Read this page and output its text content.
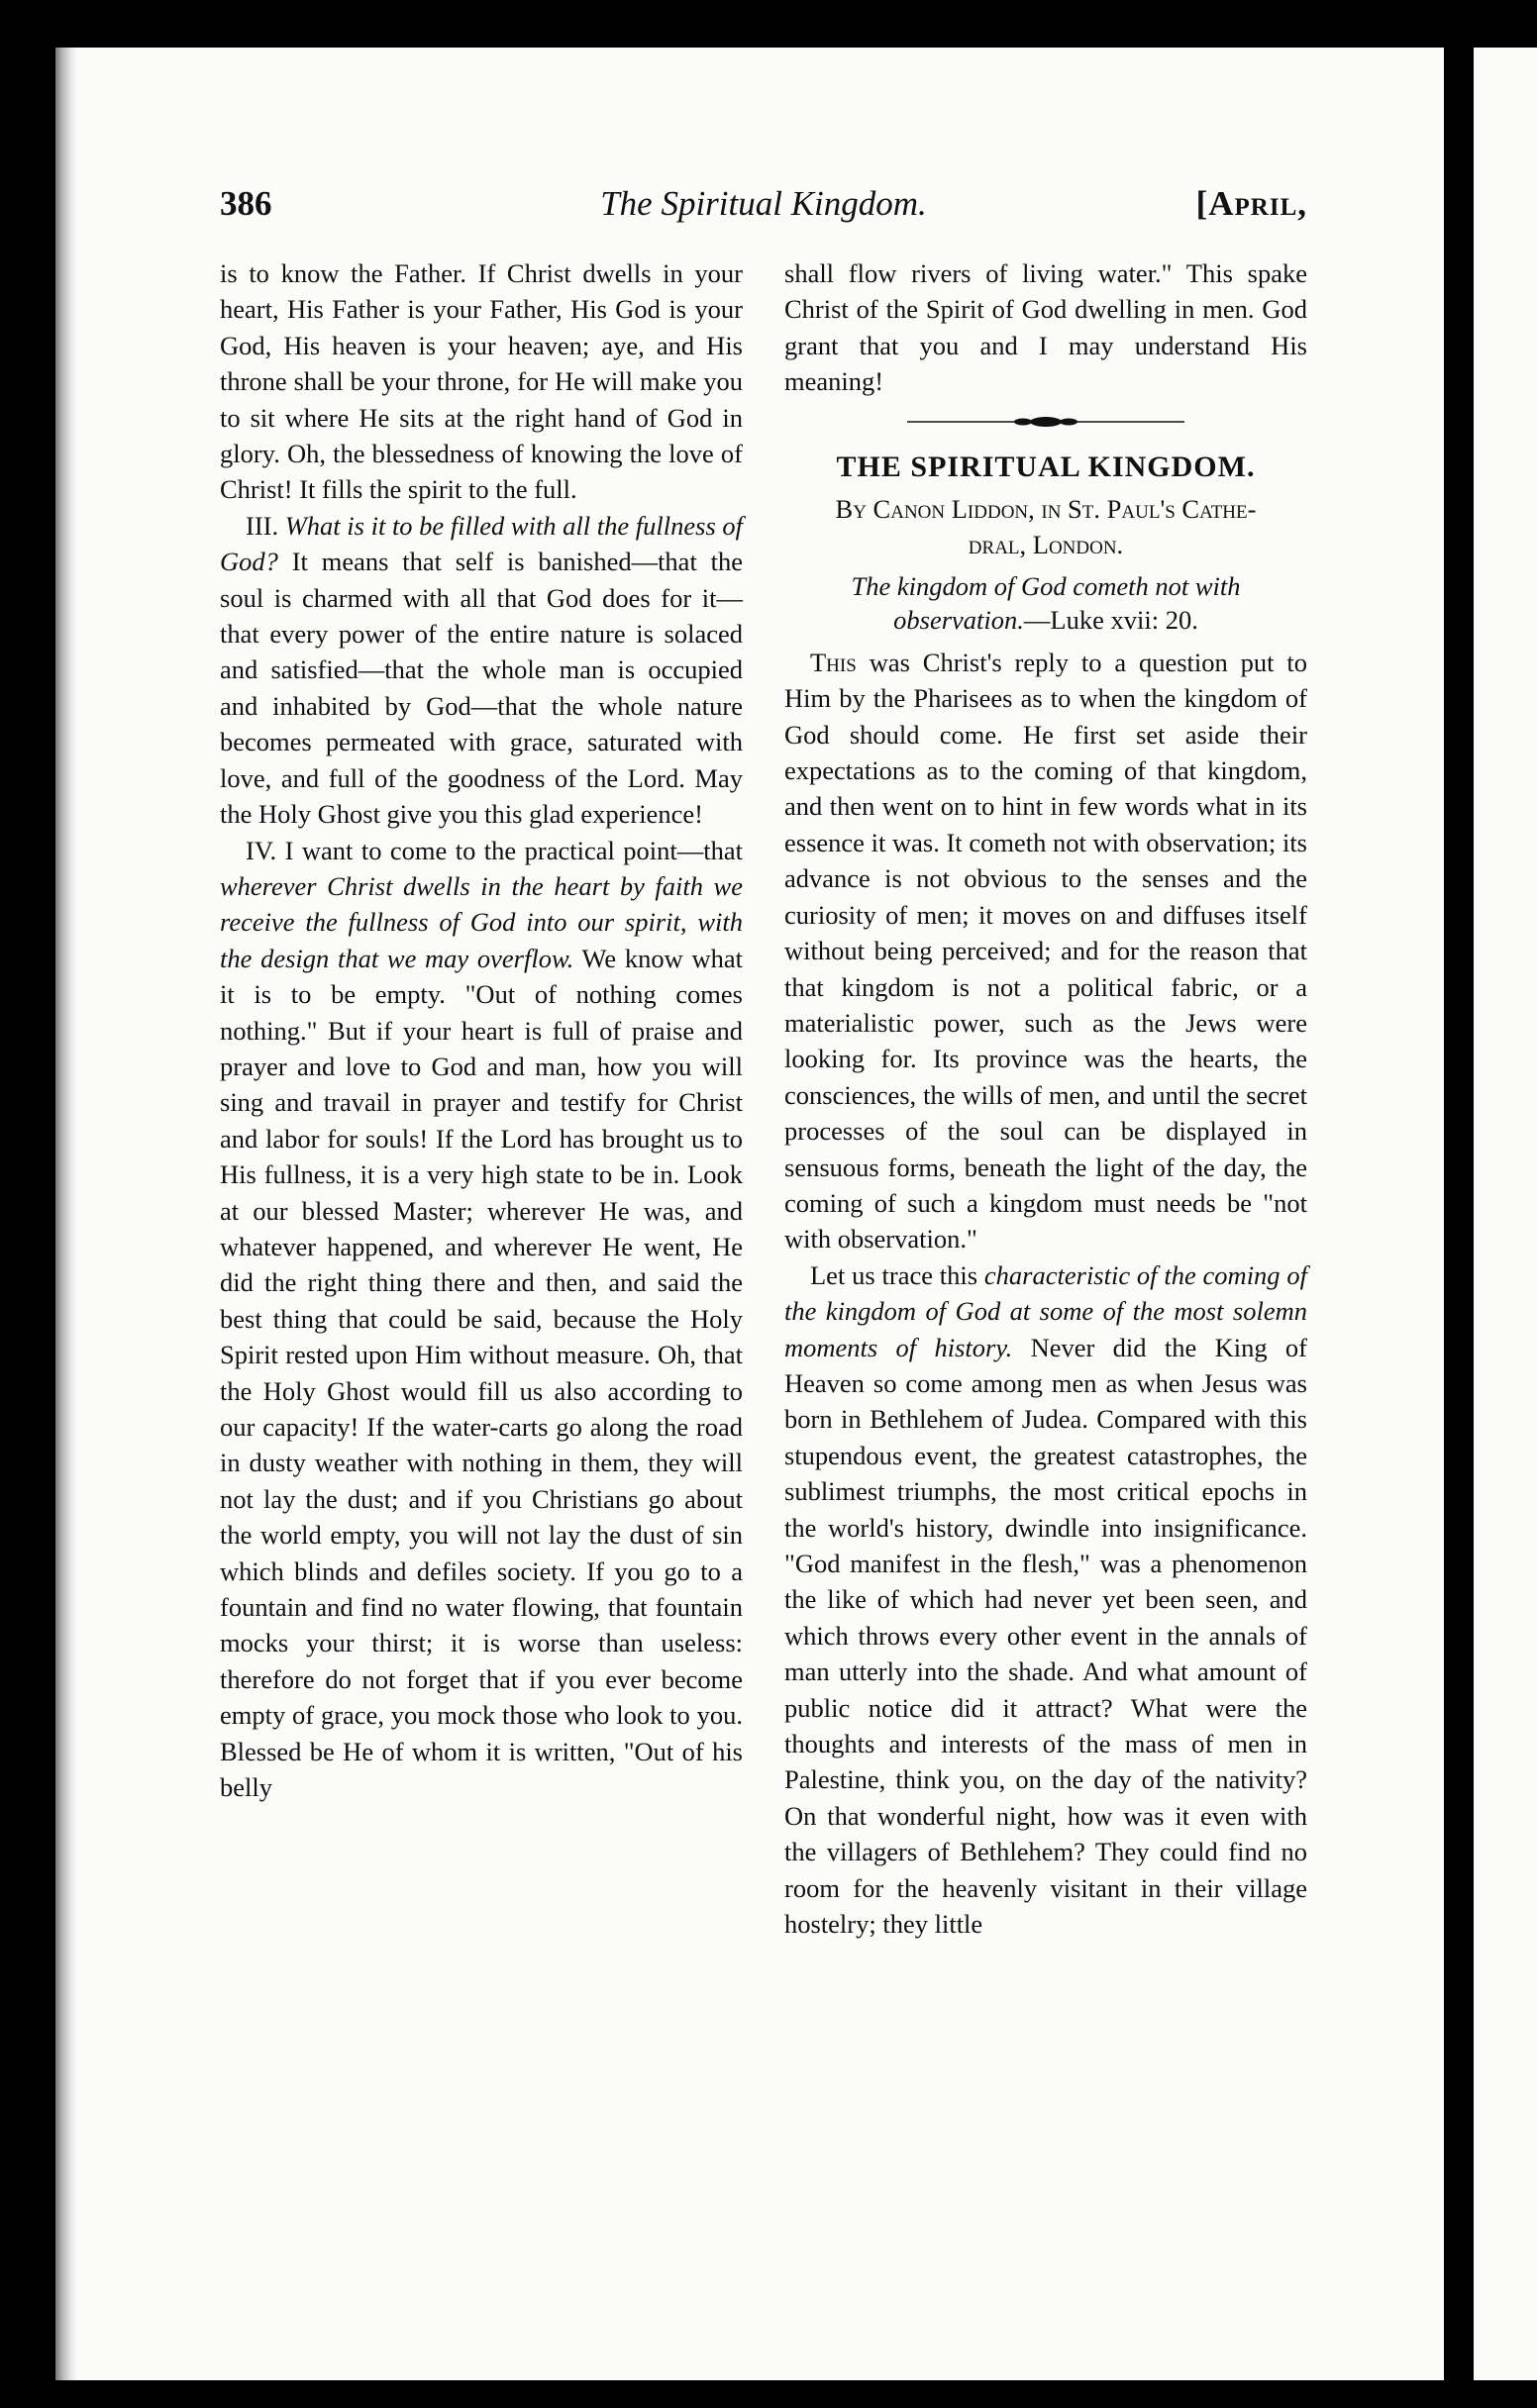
386	The Spiritual Kingdom.	[April,

is to know the Father. If Christ dwells in your heart, His Father is your Father, His God is your God, His heaven is your heaven; aye, and His throne shall be your throne, for He will make you to sit where He sits at the right hand of God in glory. Oh, the blessedness of knowing the love of Christ! It fills the spirit to the full.

III. What is it to be filled with all the fullness of God? It means that self is banished—that the soul is charmed with all that God does for it—that every power of the entire nature is solaced and satisfied—that the whole man is occupied and inhabited by God—that the whole nature becomes permeated with grace, saturated with love, and full of the goodness of the Lord. May the Holy Ghost give you this glad experience!

IV. I want to come to the practical point—that wherever Christ dwells in the heart by faith we receive the fullness of God into our spirit, with the design that we may overflow. We know what it is to be empty. "Out of nothing comes nothing." But if your heart is full of praise and prayer and love to God and man, how you will sing and travail in prayer and testify for Christ and labor for souls! If the Lord has brought us to His fullness, it is a very high state to be in. Look at our blessed Master; wherever He was, and whatever happened, and wherever He went, He did the right thing there and then, and said the best thing that could be said, because the Holy Spirit rested upon Him without measure. Oh, that the Holy Ghost would fill us also according to our capacity! If the water-carts go along the road in dusty weather with nothing in them, they will not lay the dust; and if you Christians go about the world empty, you will not lay the dust of sin which blinds and defiles society. If you go to a fountain and find no water flowing, that fountain mocks your thirst; it is worse than useless: therefore do not forget that if you ever become empty of grace, you mock those who look to you. Blessed be He of whom it is written, "Out of his belly

shall flow rivers of living water." This spake Christ of the Spirit of God dwelling in men. God grant that you and I may understand His meaning!

THE SPIRITUAL KINGDOM.
By Canon Liddon, in St. Paul's Cathe-
dral, London.
The kingdom of God cometh not with observation.—Luke xvii: 20.

This was Christ's reply to a question put to Him by the Pharisees as to when the kingdom of God should come. He first set aside their expectations as to the coming of that kingdom, and then went on to hint in few words what in its essence it was. It cometh not with observation; its advance is not obvious to the senses and the curiosity of men; it moves on and diffuses itself without being perceived; and for the reason that that kingdom is not a political fabric, or a materialistic power, such as the Jews were looking for. Its province was the hearts, the consciences, the wills of men, and until the secret processes of the soul can be displayed in sensuous forms, beneath the light of the day, the coming of such a kingdom must needs be "not with observation."

Let us trace this characteristic of the coming of the kingdom of God at some of the most solemn moments of history. Never did the King of Heaven so come among men as when Jesus was born in Bethlehem of Judea. Compared with this stupendous event, the greatest catastrophes, the sublimest triumphs, the most critical epochs in the world's history, dwindle into insignificance. "God manifest in the flesh," was a phenomenon the like of which had never yet been seen, and which throws every other event in the annals of man utterly into the shade. And what amount of public notice did it attract? What were the thoughts and interests of the mass of men in Palestine, think you, on the day of the nativity? On that wonderful night, how was it even with the villagers of Bethlehem? They could find no room for the heavenly visitant in their village hostelry; they little
